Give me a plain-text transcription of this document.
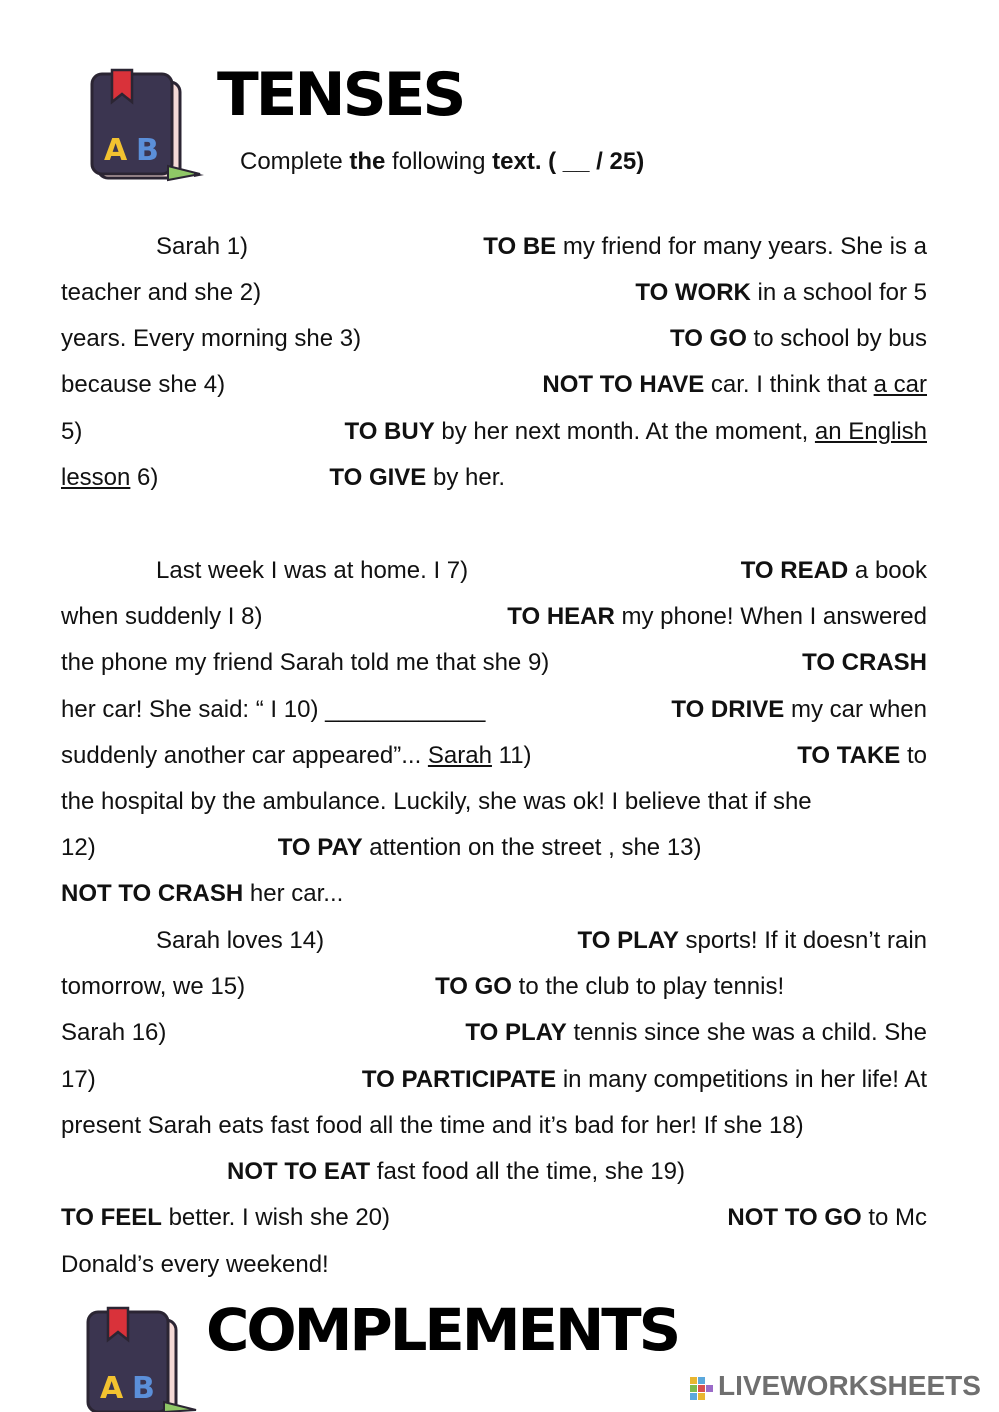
A B
TENSES
Complete the following text. ( __ / 25)
Sarah 1)	TO BE my friend for many years. She is a
teacher and she 2)	TO WORK in a school for 5
years. Every morning she 3)	TO GO to school by bus
because she 4)	NOT TO HAVE car. I think that a car
5)	TO BUY by her next month. At the moment, an English
lesson 6)	TO GIVE by her.
Last week I was at home. I 7)	TO READ a book
when suddenly I 8)	TO HEAR my phone! When I answered
the phone my friend Sarah told me that she 9)	TO CRASH
her car! She said: “ I 10) ____________	TO DRIVE my car when
suddenly another car appeared”... Sarah 11)	TO TAKE to
the hospital by the ambulance. Luckily, she was ok! I believe that if she
12)	TO PAY attention on the street , she 13)
NOT TO CRASH her car...
Sarah loves 14)	TO PLAY sports! If it doesn’t rain
tomorrow, we 15)	TO GO to the club to play tennis!
Sarah 16)	TO PLAY tennis since she was a child. She
17)	TO PARTICIPATE in many competitions in her life! At
present Sarah eats fast food all the time and it’s bad for her! If she 18)
NOT TO EAT fast food all the time, she 19)
TO FEEL better. I wish she 20)	NOT TO GO to Mc
Donald’s every weekend!
A B
COMPLEMENTS
LIVEWORKSHEETS
